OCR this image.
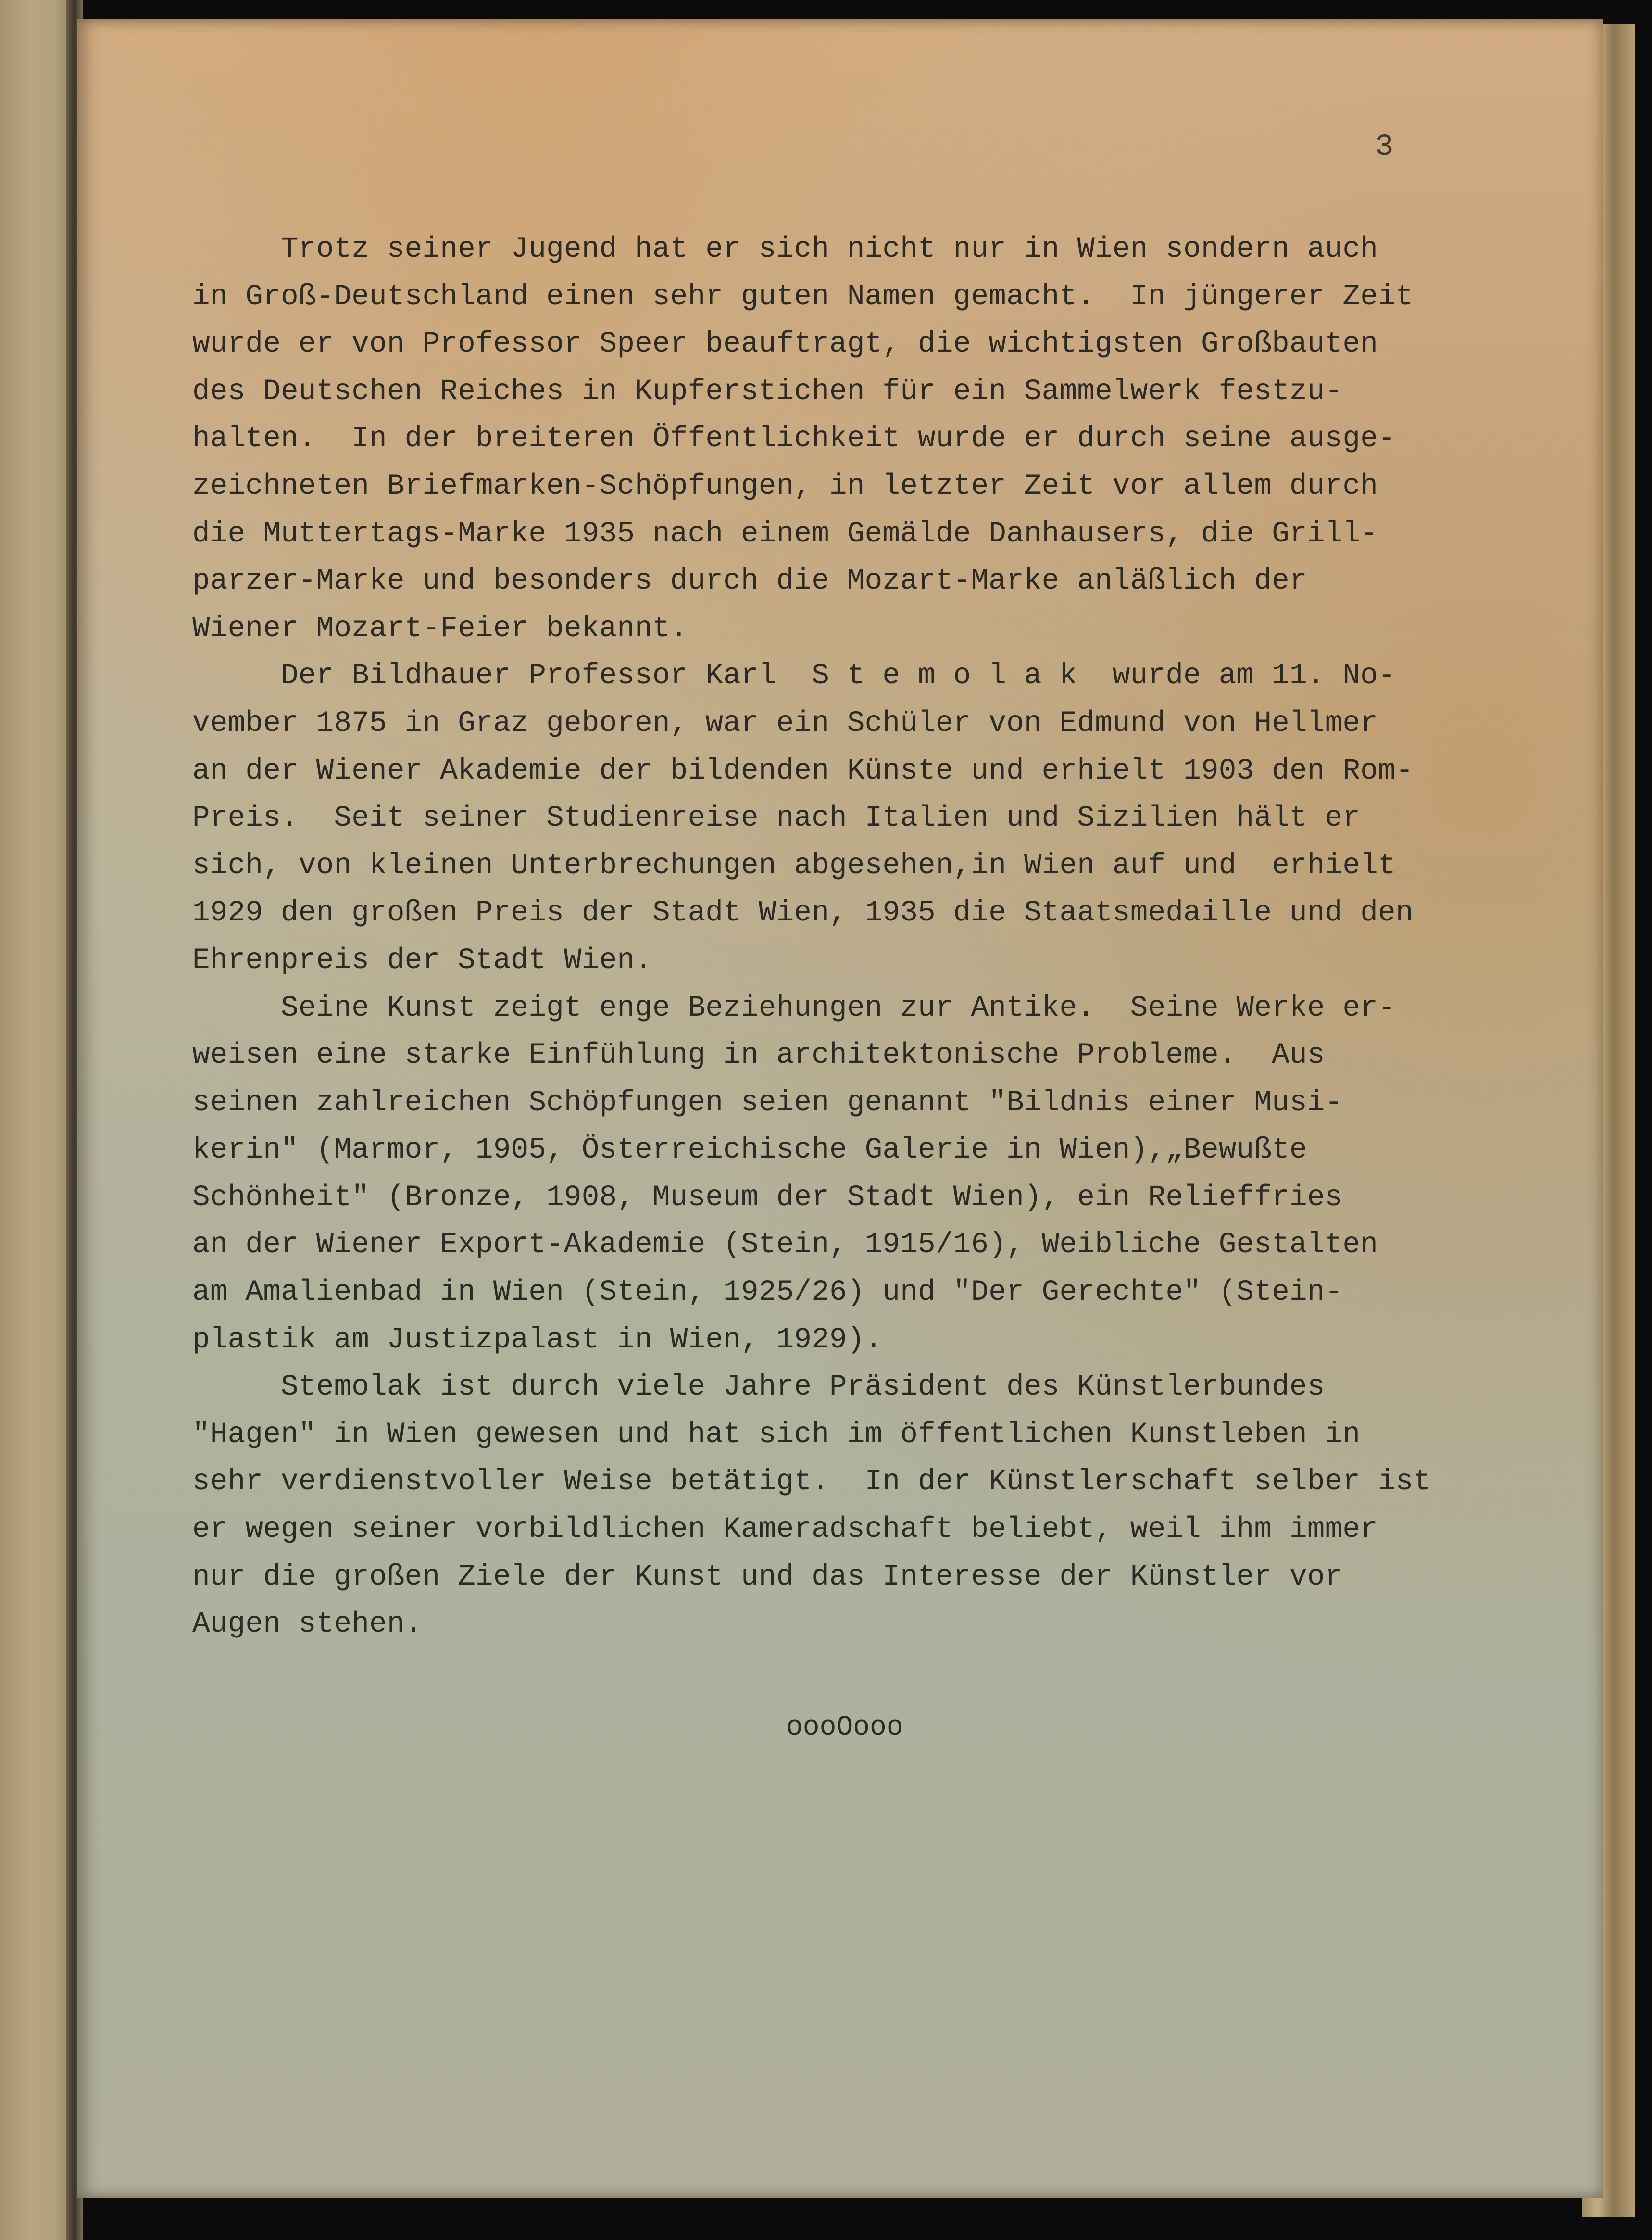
3
Trotz seiner Jugend hat er sich nicht nur in Wien sondern auch
in Groß-Deutschland einen sehr guten Namen gemacht.  In jüngerer Zeit
wurde er von Professor Speer beauftragt, die wichtigsten Großbauten
des Deutschen Reiches in Kupferstichen für ein Sammelwerk festzu-
halten.  In der breiteren Öffentlichkeit wurde er durch seine ausge-
zeichneten Briefmarken-Schöpfungen, in letzter Zeit vor allem durch
die Muttertags-Marke 1935 nach einem Gemälde Danhausers, die Grill-
parzer-Marke und besonders durch die Mozart-Marke anläßlich der
Wiener Mozart-Feier bekannt.
Der Bildhauer Professor Karl  S t e m o l a k  wurde am 11. No-
vember 1875 in Graz geboren, war ein Schüler von Edmund von Hellmer
an der Wiener Akademie der bildenden Künste und erhielt 1903 den Rom-
Preis.  Seit seiner Studienreise nach Italien und Sizilien hält er
sich, von kleinen Unterbrechungen abgesehen,in Wien auf und  erhielt
1929 den großen Preis der Stadt Wien, 1935 die Staatsmedaille und den
Ehrenpreis der Stadt Wien.
Seine Kunst zeigt enge Beziehungen zur Antike.  Seine Werke er-
weisen eine starke Einfühlung in architektonische Probleme.  Aus
seinen zahlreichen Schöpfungen seien genannt "Bildnis einer Musi-
kerin" (Marmor, 1905, Österreichische Galerie in Wien),„Bewußte
Schönheit" (Bronze, 1908, Museum der Stadt Wien), ein Relieffries
an der Wiener Export-Akademie (Stein, 1915/16), Weibliche Gestalten
am Amalienbad in Wien (Stein, 1925/26) und "Der Gerechte" (Stein-
plastik am Justizpalast in Wien, 1929).
Stemolak ist durch viele Jahre Präsident des Künstlerbundes
"Hagen" in Wien gewesen und hat sich im öffentlichen Kunstleben in
sehr verdienstvoller Weise betätigt.  In der Künstlerschaft selber ist
er wegen seiner vorbildlichen Kameradschaft beliebt, weil ihm immer
nur die großen Ziele der Kunst und das Interesse der Künstler vor
Augen stehen.
oooOooo
